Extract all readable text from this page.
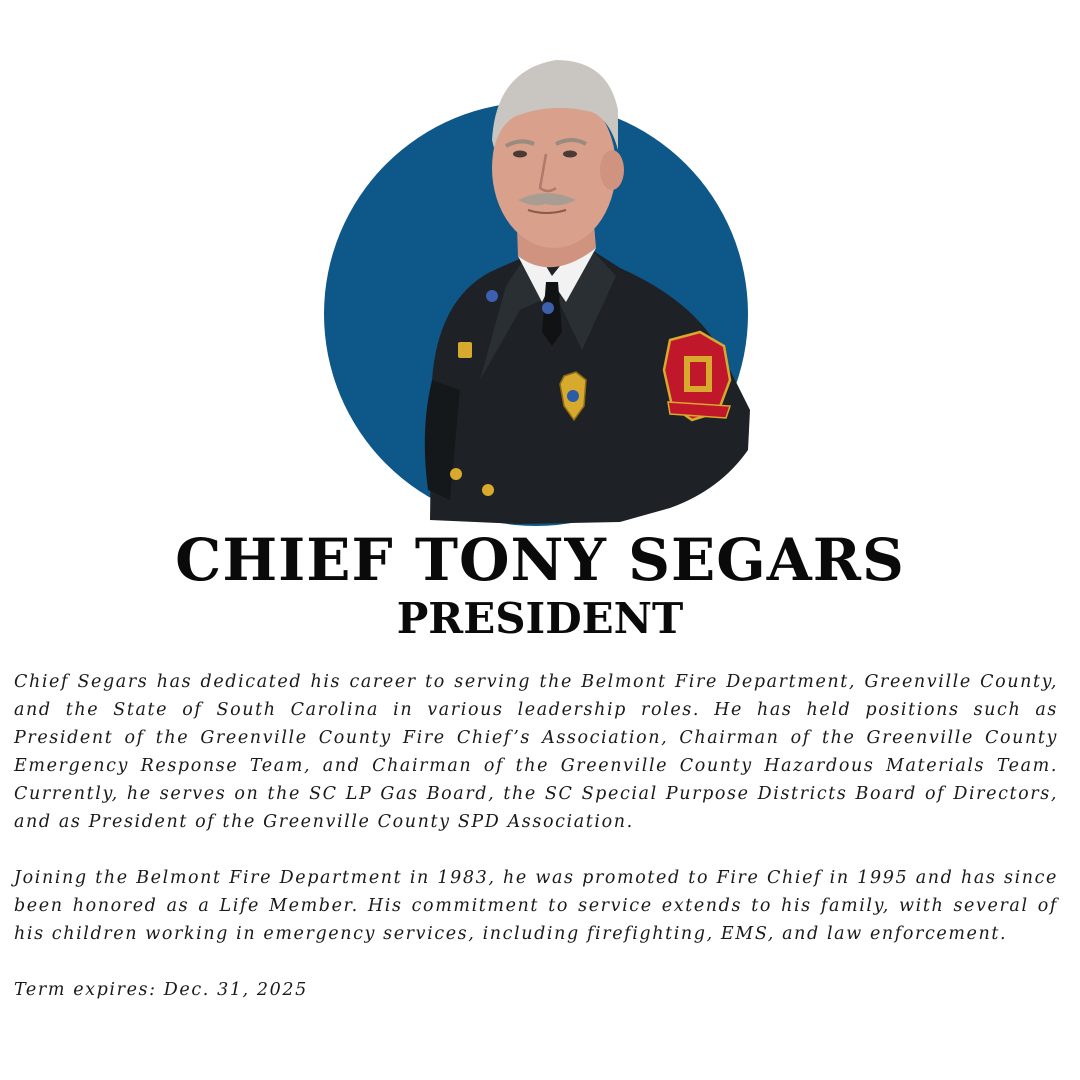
CHIEF TONY SEGARS
PRESIDENT

Chief Segars has dedicated his career to serving the Belmont Fire Department, Greenville County, and the State of South Carolina in various leadership roles. He has held positions such as President of the Greenville County Fire Chief’s Association, Chairman of the Greenville County Emergency Response Team, and Chairman of the Greenville County Hazardous Materials Team. Currently, he serves on the SC LP Gas Board, the SC Special Purpose Districts Board of Directors, and as President of the Greenville County SPD Association.

Joining the Belmont Fire Department in 1983, he was promoted to Fire Chief in 1995 and has since been honored as a Life Member. His commitment to service extends to his family, with several of his children working in emergency services, including firefighting, EMS, and law enforcement.

Term expires: Dec. 31, 2025
